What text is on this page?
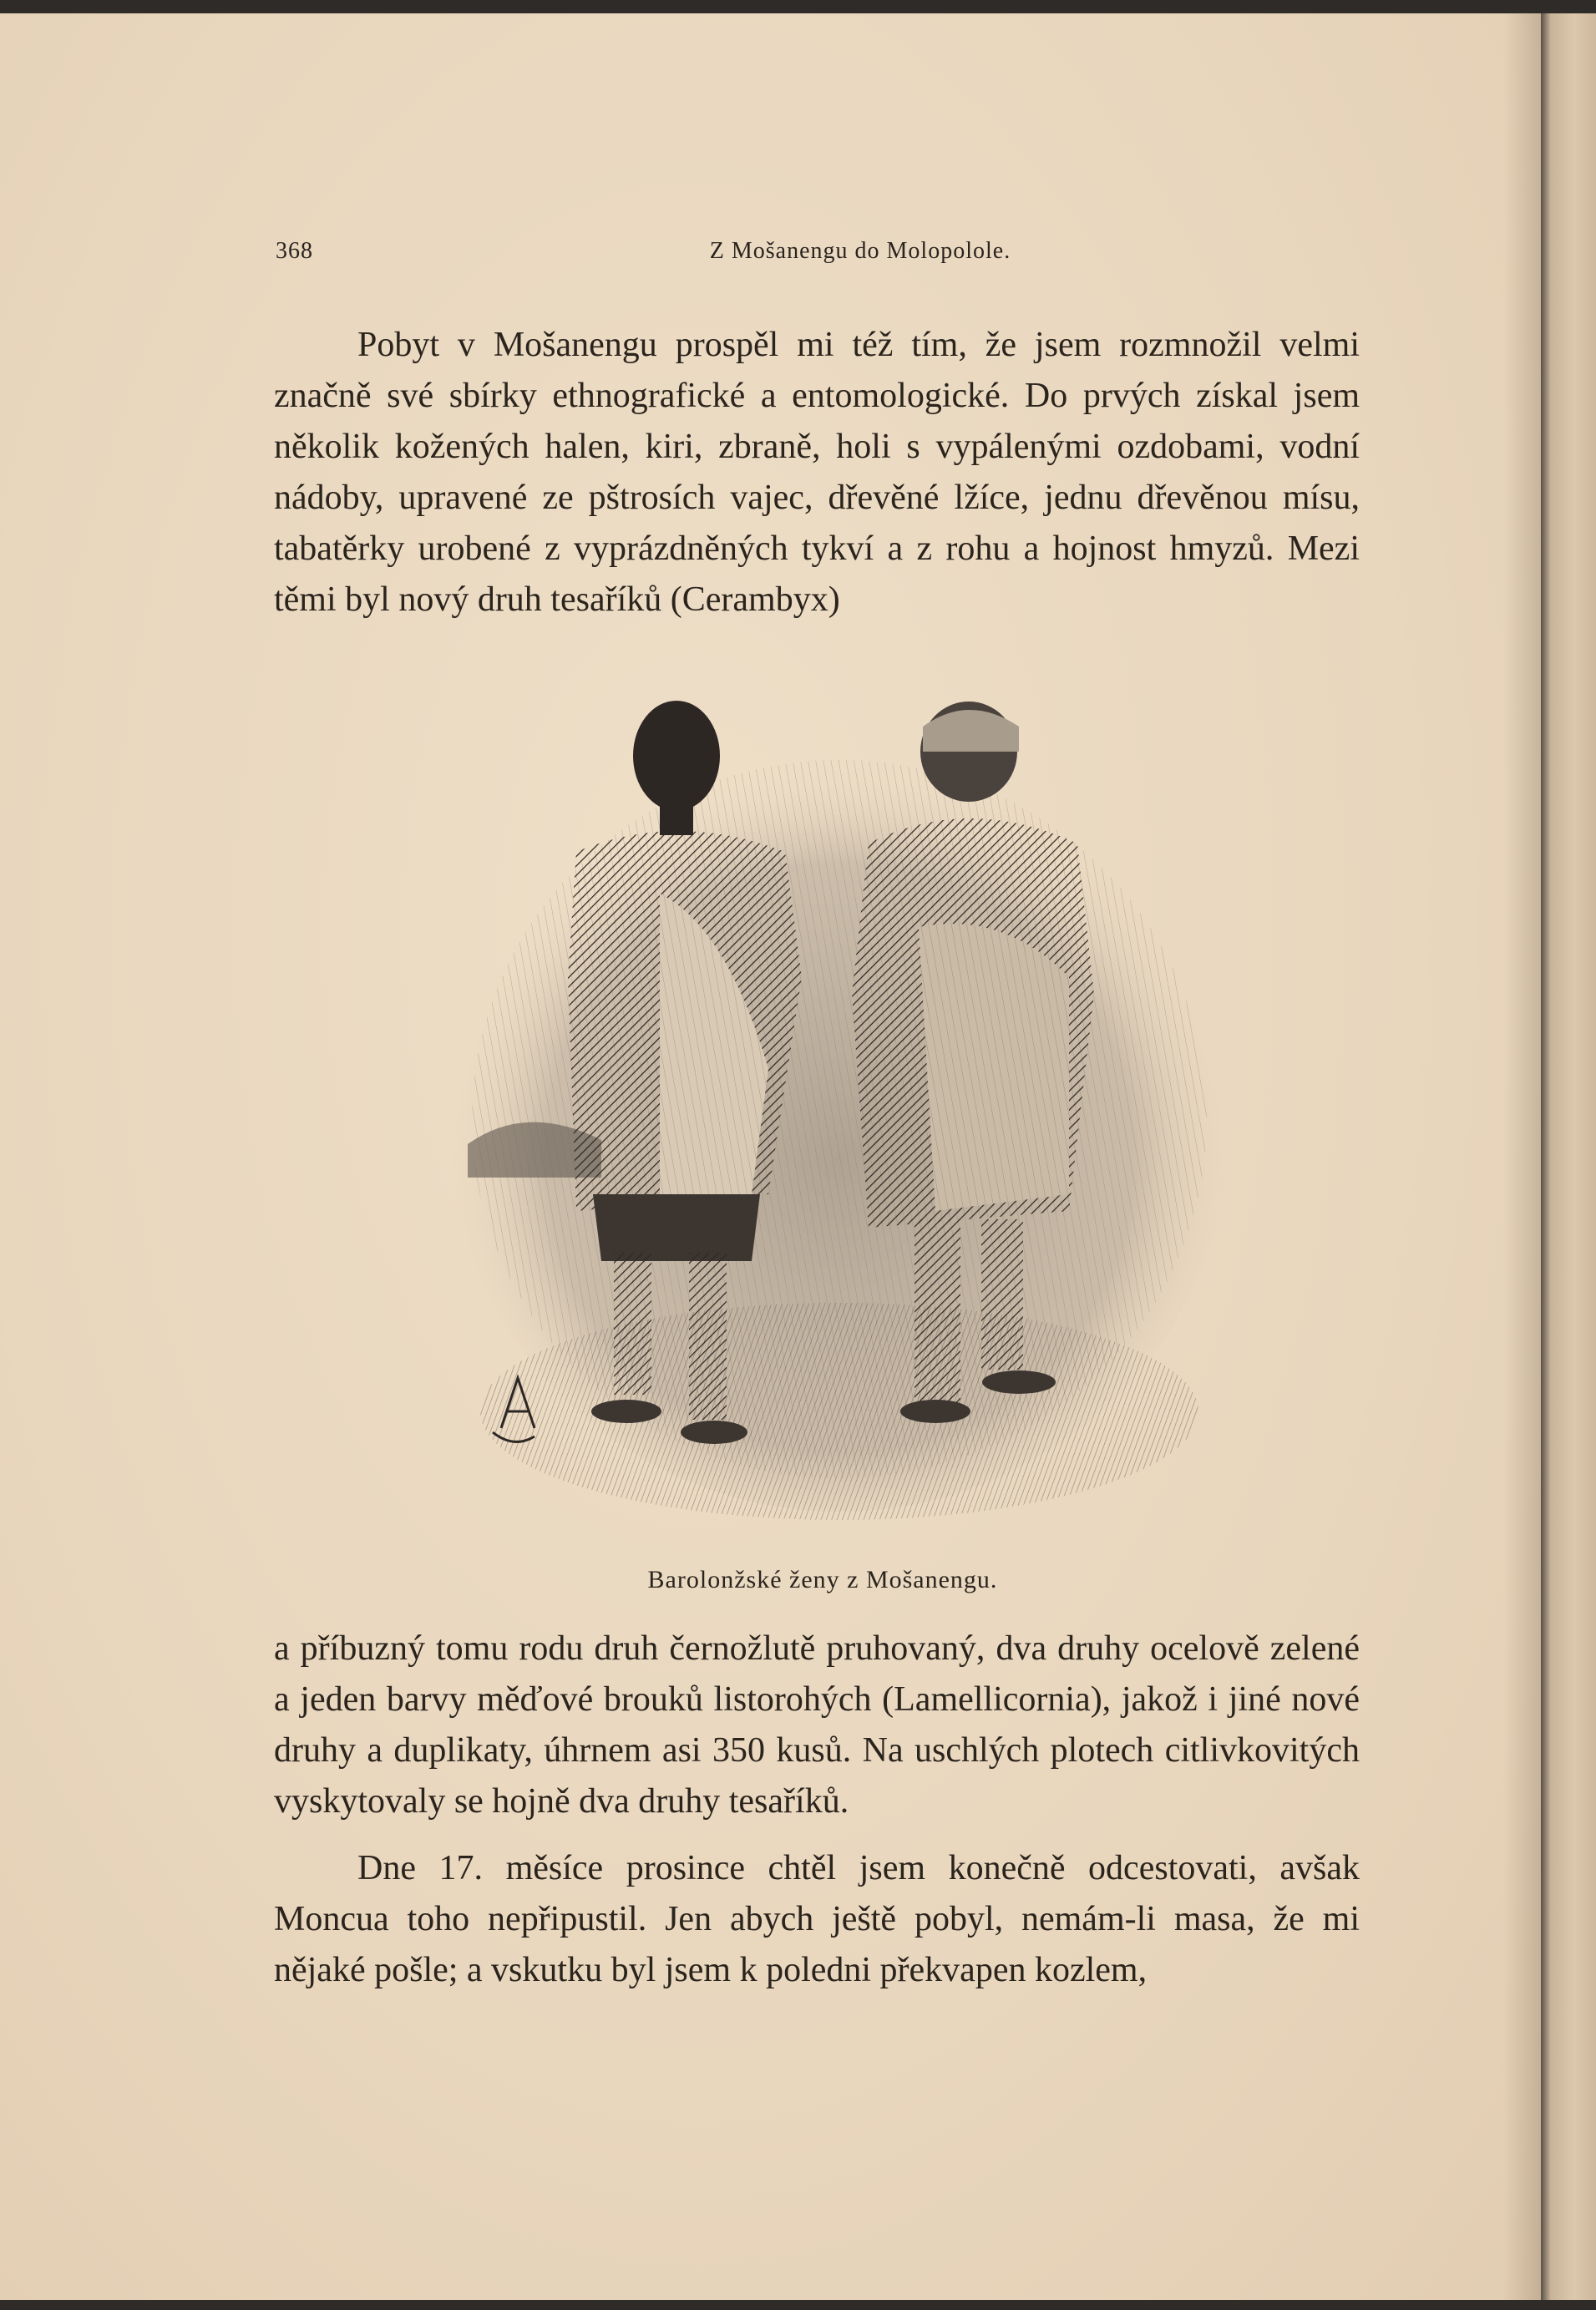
368	Z Mošanengu do Molopolole.

Pobyt v Mošanengu prospěl mi též tím, že jsem rozmnožil velmi značně své sbírky ethnografické a entomologické. Do prvých získal jsem několik kožených halen, kiri, zbraně, holi s vypálenými ozdobami, vodní nádoby, upravené ze pštrosích vajec, dřevěné lžíce, jednu dřevěnou mísu, tabatěrky urobené z vyprázdněných tykví a z rohu a hojnost hmyzů. Mezi těmi byl nový druh tesaříků (Cerambyx)

Barolonžské ženy z Mošanengu.

a příbuzný tomu rodu druh černožlutě pruhovaný, dva druhy ocelově zelené a jeden barvy měďové brouků listorohých (Lamellicornia), jakož i jiné nové druhy a duplikaty, úhrnem asi 350 kusů. Na uschlých plotech citlivkovitých vyskytovaly se hojně dva druhy tesaříků.

Dne 17. měsíce prosince chtěl jsem konečně odcestovati, avšak Moncua toho nepřipustil. Jen abych ještě pobyl, nemám-li masa, že mi nějaké pošle; a vskutku byl jsem k poledni překvapen kozlem,
